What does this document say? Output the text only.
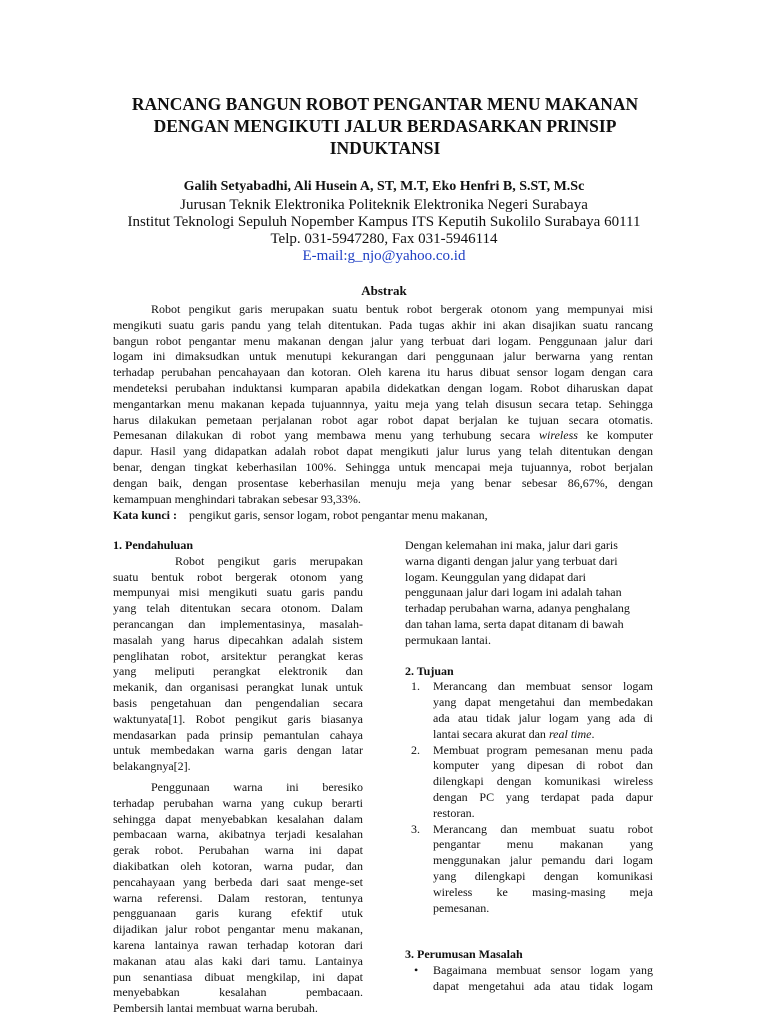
RANCANG BANGUN ROBOT PENGANTAR MENU MAKANAN
DENGAN MENGIKUTI JALUR BERDASARKAN PRINSIP
INDUKTANSI
Galih Setyabadhi, Ali Husein A, ST, M.T, Eko Henfri B, S.ST, M.Sc
Jurusan Teknik Elektronika Politeknik Elektronika Negeri Surabaya
Institut Teknologi Sepuluh Nopember Kampus ITS Keputih Sukolilo Surabaya 60111
Telp. 031-5947280, Fax 031-5946114
E-mail:g_njo@yahoo.co.id
Abstrak
Robot pengikut garis merupakan suatu bentuk robot bergerak otonom yang mempunyai misi
mengikuti suatu garis pandu yang telah ditentukan. Pada tugas akhir ini akan disajikan suatu rancang
bangun robot pengantar menu makanan dengan jalur yang terbuat dari logam. Penggunaan jalur dari
logam ini dimaksudkan untuk menutupi kekurangan dari penggunaan jalur berwarna yang rentan
terhadap perubahan pencahayaan dan kotoran. Oleh karena itu harus dibuat sensor logam dengan cara
mendeteksi perubahan induktansi kumparan apabila didekatkan dengan logam. Robot diharuskan dapat
mengantarkan menu makanan kepada tujuannnya, yaitu meja yang telah disusun secara tetap. Sehingga
harus dilakukan pemetaan perjalanan robot agar robot dapat berjalan ke tujuan secara otomatis.
Pemesanan dilakukan di robot yang membawa menu yang terhubung secara wireless ke komputer
dapur. Hasil yang didapatkan adalah robot dapat mengikuti jalur lurus yang telah ditentukan dengan
benar, dengan tingkat keberhasilan 100%. Sehingga untuk mencapai meja tujuannya, robot berjalan
dengan baik, dengan prosentase keberhasilan menuju meja yang benar sebesar 86,67%, dengan
kemampuan menghindari tabrakan sebesar 93,33%.
Kata kunci : pengikut garis, sensor logam, robot pengantar menu makanan,
1. Pendahuluan
Robot pengikut garis merupakan
suatu bentuk robot bergerak otonom yang
mempunyai misi mengikuti suatu garis pandu
yang telah ditentukan secara otonom. Dalam
perancangan dan implementasinya, masalah-
masalah yang harus dipecahkan adalah sistem
penglihatan robot, arsitektur perangkat keras
yang meliputi perangkat elektronik dan
mekanik, dan organisasi perangkat lunak untuk
basis pengetahuan dan pengendalian secara
waktunyata[1]. Robot pengikut garis biasanya
mendasarkan pada prinsip pemantulan cahaya
untuk membedakan warna garis dengan latar
belakangnya[2].
Penggunaan warna ini beresiko
terhadap perubahan warna yang cukup berarti
sehingga dapat menyebabkan kesalahan dalam
pembacaan warna, akibatnya terjadi kesalahan
gerak robot. Perubahan warna ini dapat
diakibatkan oleh kotoran, warna pudar, dan
pencahayaan yang berbeda dari saat menge-set
warna referensi. Dalam restoran, tentunya
pengguanaan garis kurang efektif utuk
dijadikan jalur robot pengantar menu makanan,
karena lantainya rawan terhadap kotoran dari
makanan atau alas kaki dari tamu. Lantainya
pun senantiasa dibuat mengkilap, ini dapat
menyebabkan kesalahan pembacaan.
Pembersih lantai membuat warna berubah.
Dengan kelemahan ini maka, jalur dari garis
warna diganti dengan jalur yang terbuat dari
logam. Keunggulan yang didapat dari
penggunaan jalur dari logam ini adalah tahan
terhadap perubahan warna, adanya penghalang
dan tahan lama, serta dapat ditanam di bawah
permukaan lantai.
2. Tujuan
1. Merancang dan membuat sensor logam
yang dapat mengetahui dan membedakan
ada atau tidak jalur logam yang ada di
lantai secara akurat dan real time.
2. Membuat program pemesanan menu pada
komputer yang dipesan di robot dan
dilengkapi dengan komunikasi wireless
dengan PC yang terdapat pada dapur
restoran.
3. Merancang dan membuat suatu robot
pengantar menu makanan yang
menggunakan jalur pemandu dari logam
yang dilengkapi dengan komunikasi
wireless ke masing-masing meja
pemesanan.
3. Perumusan Masalah
• Bagaimana membuat sensor logam yang
dapat mengetahui ada atau tidak logam
